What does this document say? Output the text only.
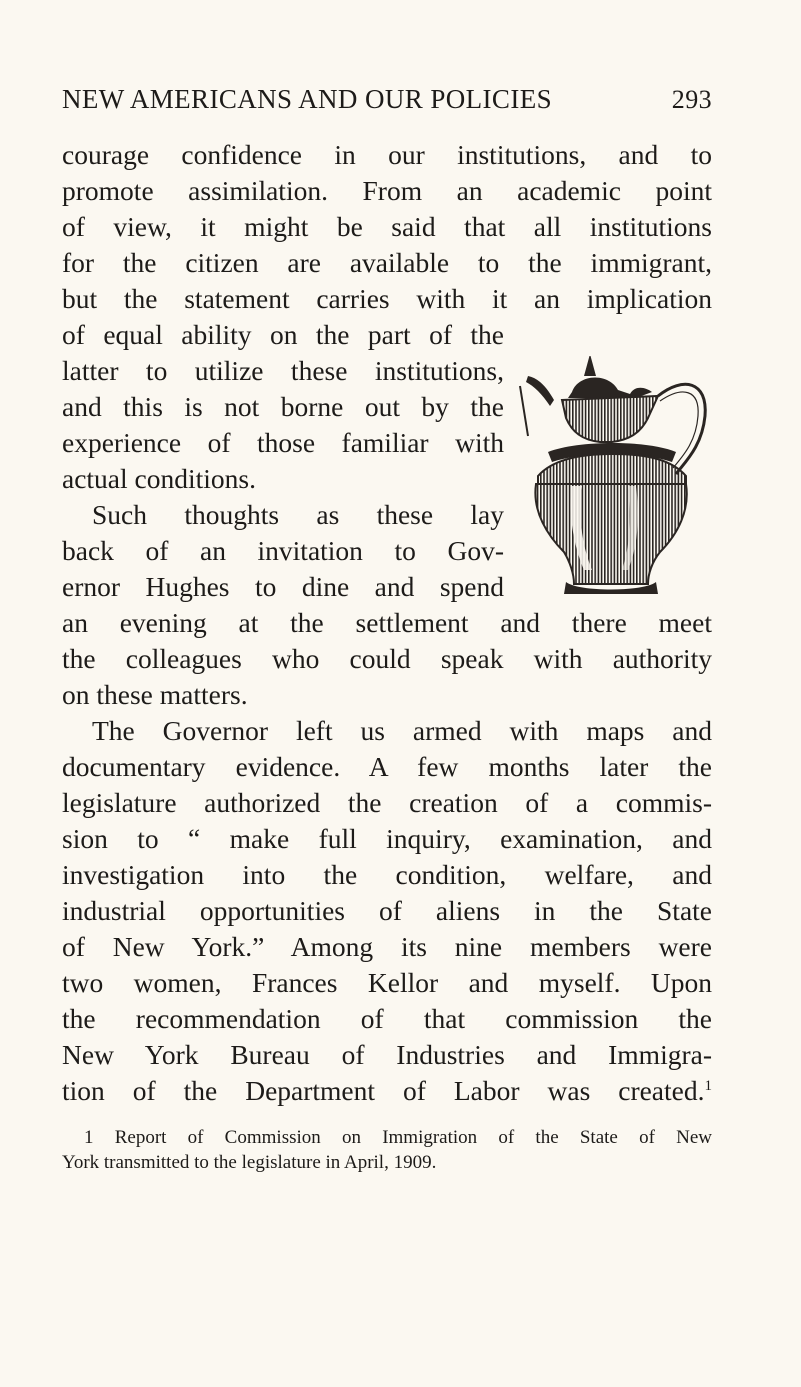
NEW AMERICANS AND OUR POLICIES	293
courage confidence in our institutions, and to
promote assimilation. From an academic point
of view, it might be said that all institutions
for the citizen are available to the immigrant,
but the statement carries with it an implication
of equal ability on the part of the
latter to utilize these institutions,
and this is not borne out by the
experience of those familiar with
actual conditions.
Such thoughts as these lay
back of an invitation to Gov-
ernor Hughes to dine and spend
an evening at the settlement and there meet
the colleagues who could speak with authority
on these matters.
The Governor left us armed with maps and
documentary evidence. A few months later the
legislature authorized the creation of a commis-
sion to “ make full inquiry, examination, and
investigation into the condition, welfare, and
industrial opportunities of aliens in the State
of New York.” Among its nine members were
two women, Frances Kellor and myself. Upon
the recommendation of that commission the
New York Bureau of Industries and Immigra-
tion of the Department of Labor was created.$^1$
1 Report of Commission on Immigration of the State of New
York transmitted to the legislature in April, 1909.
